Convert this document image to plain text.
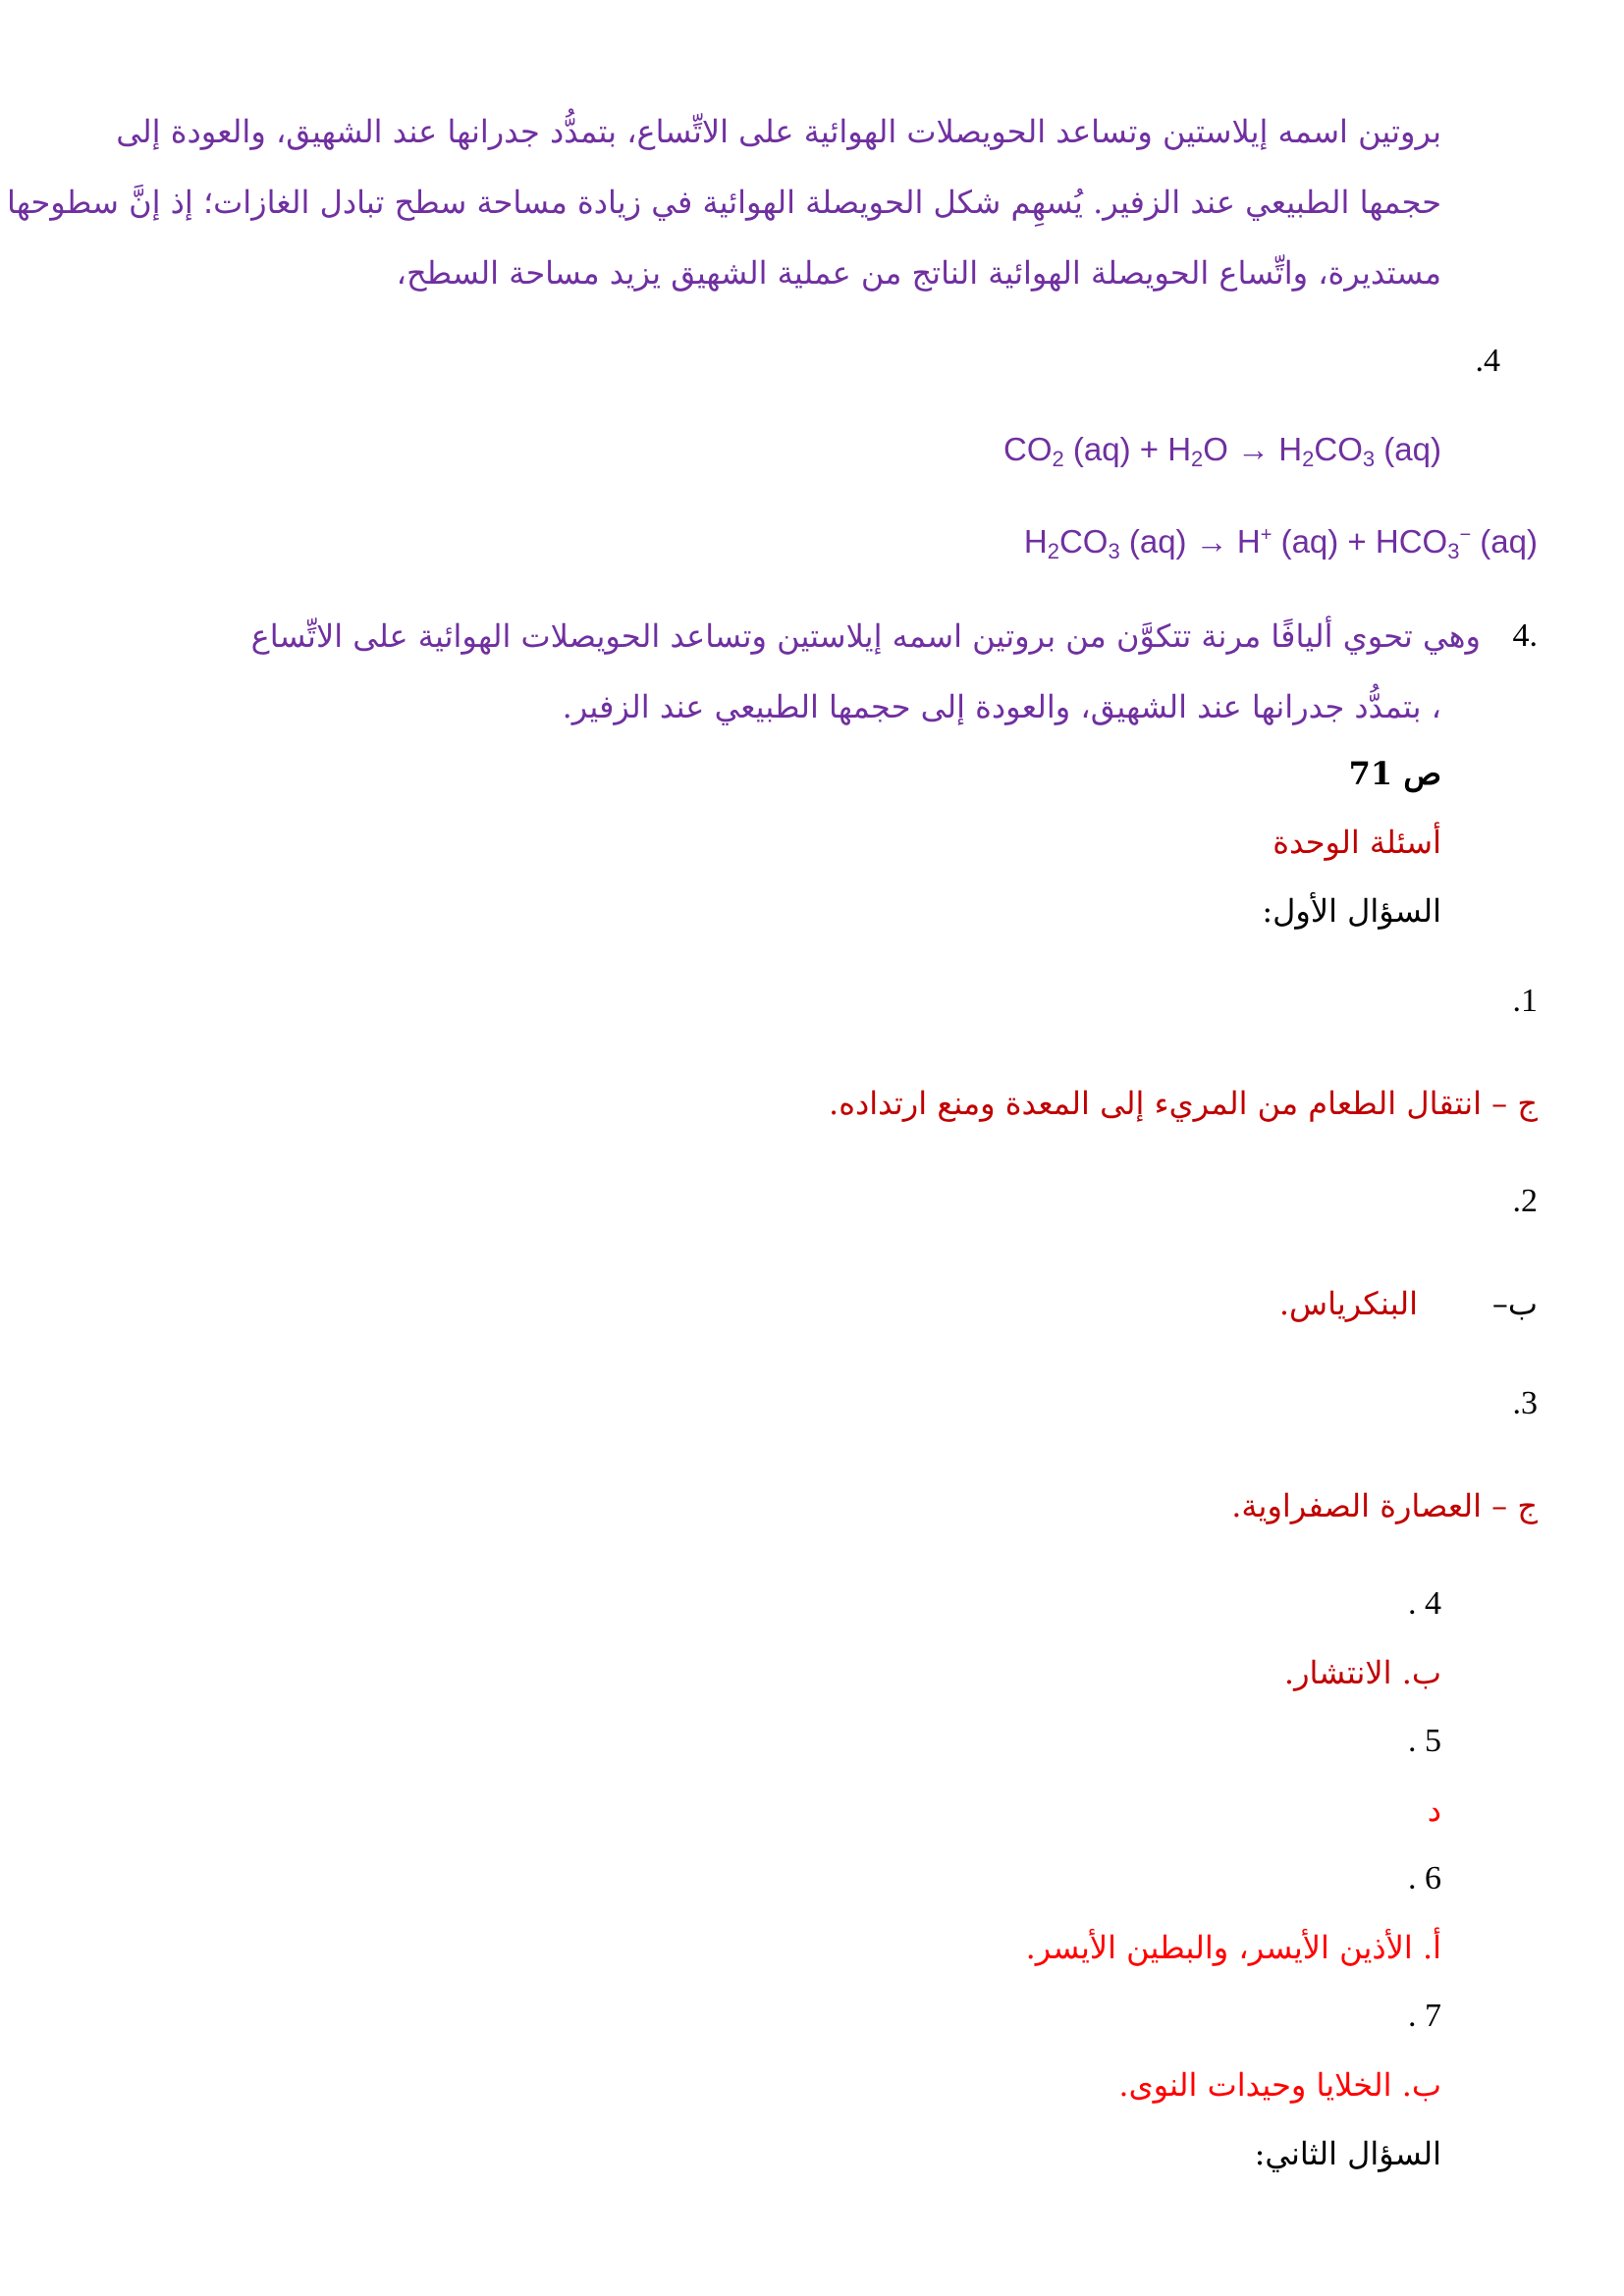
بروتين اسمه إيلاستين وتساعد الحويصلات الهوائية على الاتِّساع، بتمدُّد جدرانها عند الشهيق، والعودة إلى
حجمها الطبيعي عند الزفير. يُسهِم شكل الحويصلة الهوائية في زيادة مساحة سطح تبادل الغازات؛ إذ إنَّ سطوحها
مستديرة، واتِّساع الحويصلة الهوائية الناتج من عملية الشهيق يزيد مساحة السطح،
.4
$CO_2$ $(aq) + H_2O \to H_2CO_3$ (aq)
$H_2CO_3$ (aq) → H+ $(aq) + HCO_3^-$ (aq)
4.
وهي تحوي أليافًا مرنة تتكوَّن من بروتين اسمه إيلاستين وتساعد الحويصلات الهوائية على الاتِّساع
، بتمدُّد جدرانها عند الشهيق، والعودة إلى حجمها الطبيعي عند الزفير.
ص 71
أسئلة الوحدة
السؤال الأول:
.1
ج – انتقال الطعام من المريء إلى المعدة ومنع ارتداده.
.2
ب–
البنكرياس.
.3
ج – العصارة الصفراوية.
. 4
ب. الانتشار.
. 5
د
. 6
أ. الأذين الأيسر، والبطين الأيسر.
. 7
ب. الخلايا وحيدات النوى.
السؤال الثاني:
